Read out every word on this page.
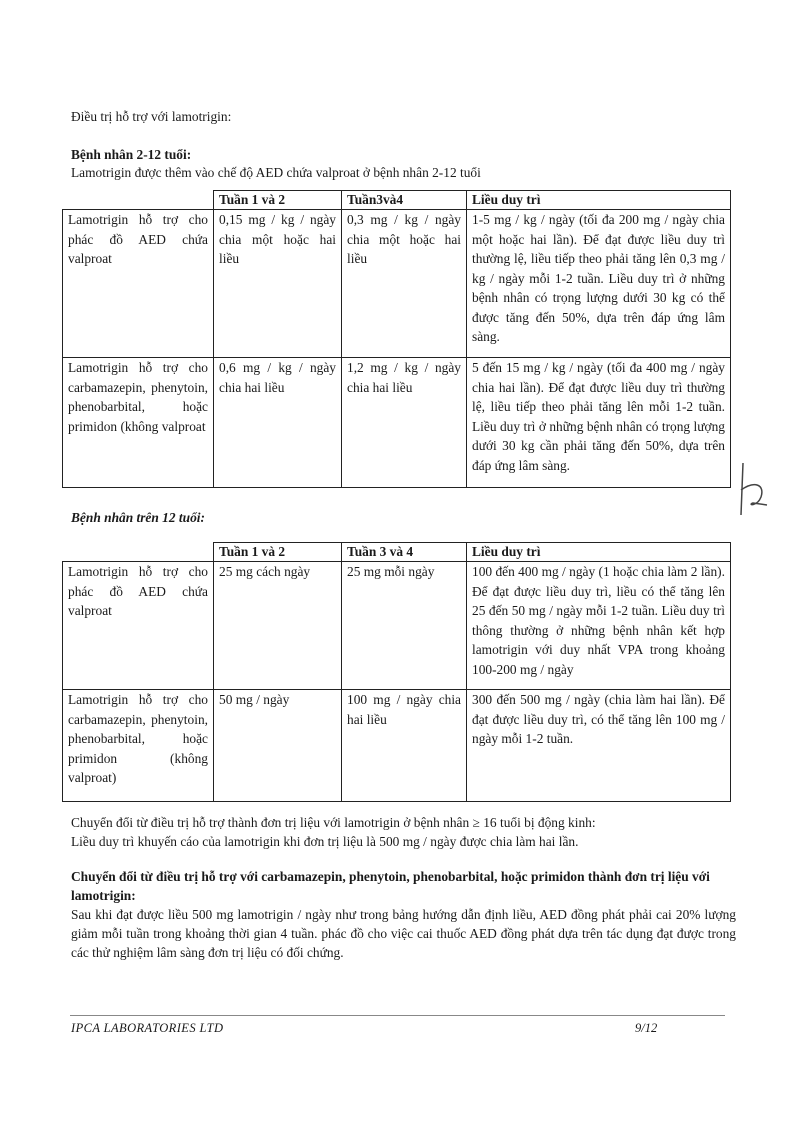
Điều trị hỗ trợ với lamotrigin:
Bệnh nhân 2-12 tuổi:
Lamotrigin được thêm vào chế độ AED chứa valproat ở bệnh nhân 2-12 tuổi
	Tuần 1 và 2	Tuần3và4	Liều duy trì
Lamotrigin hỗ trợ cho phác đồ AED chứa valproat	0,15 mg / kg / ngày chia một hoặc hai liều	0,3 mg / kg / ngày chia một hoặc hai liều	1-5 mg / kg / ngày (tối đa 200 mg / ngày chia một hoặc hai lần). Để đạt được liều duy trì thường lệ, liều tiếp theo phải tăng lên 0,3 mg / kg / ngày mỗi 1-2 tuần. Liều duy trì ở những bệnh nhân có trọng lượng dưới 30 kg có thể được tăng đến 50%, dựa trên đáp ứng lâm sàng.
Lamotrigin hỗ trợ cho carbamazepin, phenytoin, phenobarbital, hoặc primidon (không valproat	0,6 mg / kg / ngày chia hai liều	1,2 mg / kg / ngày chia hai liều	5 đến 15 mg / kg / ngày (tối đa 400 mg / ngày chia hai lần). Để đạt được liều duy trì thường lệ, liều tiếp theo phải tăng lên mỗi 1-2 tuần. Liều duy trì ở những bệnh nhân có trọng lượng dưới 30 kg cần phải tăng đến 50%, dựa trên đáp ứng lâm sàng.
Bệnh nhân trên 12 tuổi:
	Tuần 1 và 2	Tuần 3 và 4	Liều duy trì
Lamotrigin hỗ trợ cho phác đồ AED chứa valproat	25 mg cách ngày	25 mg mỗi ngày	100 đến 400 mg / ngày (1 hoặc chia làm 2 lần). Để đạt được liều duy trì, liều có thể tăng lên 25 đến 50 mg / ngày mỗi 1-2 tuần. Liều duy trì thông thường ở những bệnh nhân kết hợp lamotrigin với duy nhất VPA trong khoảng 100-200 mg / ngày
Lamotrigin hỗ trợ cho carbamazepin, phenytoin, phenobarbital, hoặc primidon (không valproat)	50 mg / ngày	100 mg / ngày chia hai liều	300 đến 500 mg / ngày (chia làm hai lần). Để đạt được liều duy trì, có thể tăng lên 100 mg / ngày mỗi 1-2 tuần.
Chuyển đổi từ điều trị hỗ trợ thành đơn trị liệu với lamotrigin ở bệnh nhân ≥ 16 tuổi bị động kinh:
Liều duy trì khuyến cáo của lamotrigin khi đơn trị liệu là 500 mg / ngày được chia làm hai lần.
Chuyển đổi từ điều trị hỗ trợ với carbamazepin, phenytoin, phenobarbital, hoặc primidon thành đơn trị liệu với lamotrigin:
Sau khi đạt được liều 500 mg lamotrigin / ngày như trong bảng hướng dẫn định liều, AED đồng phát phải cai 20% lượng giảm mỗi tuần trong khoảng thời gian 4 tuần. phác đồ cho việc cai thuốc AED đồng phát dựa trên tác dụng đạt được trong các thử nghiệm lâm sàng đơn trị liệu có đối chứng.
IPCA LABORATORIES LTD	9/12
